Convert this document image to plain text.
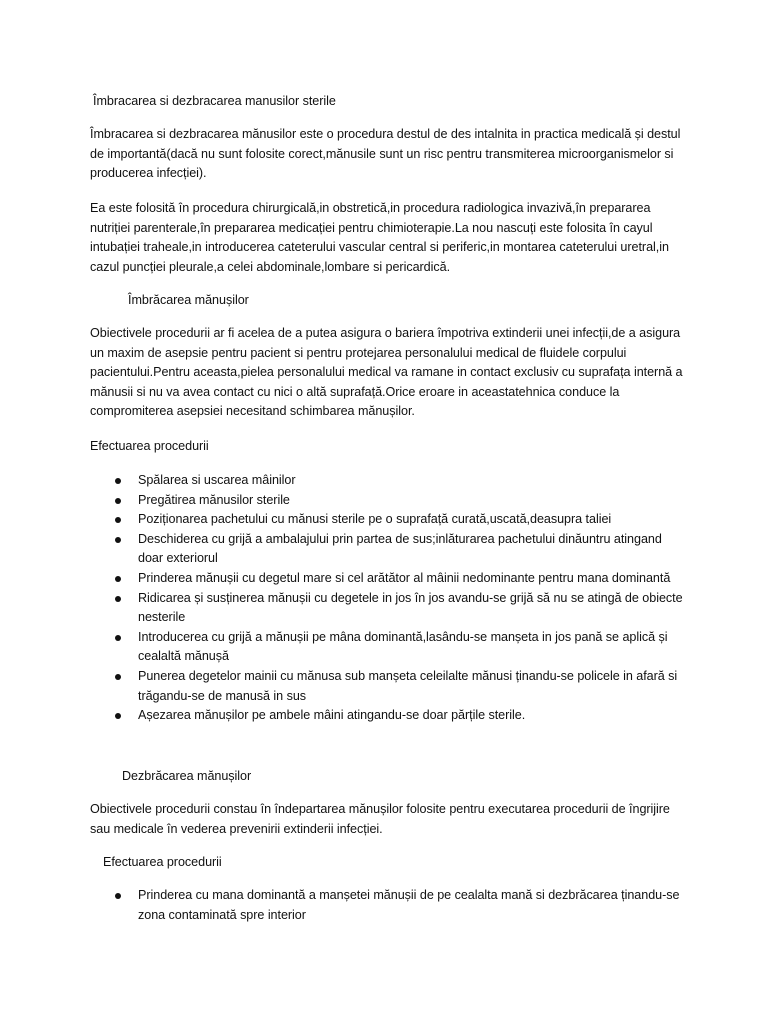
Îmbracarea si dezbracarea manusilor sterile

Îmbracarea si dezbracarea mănusilor este o procedura destul de des intalnita in practica medicală și destul de importantă(dacă nu sunt folosite corect,mănusile sunt un risc pentru transmiterea microorganismelor si producerea infecției).

Ea este folosită în procedura chirurgicală,in obstretică,in procedura radiologica invazivă,în prepararea nutriției parenterale,în prepararea medicației pentru chimioterapie.La nou nascuți este folosita în cayul intubației traheale,in introducerea cateterului vascular central si periferic,in montarea cateterului uretral,in cazul puncției pleurale,a celei abdominale,lombare si pericardică.

Îmbrăcarea mănușilor

Obiectivele procedurii ar fi acelea de a putea asigura o bariera împotriva extinderii unei infecții,de a asigura un maxim de asepsie pentru pacient si pentru protejarea personalului medical de fluidele corpului pacientului.Pentru aceasta,pielea personalului medical va ramane in contact exclusiv cu suprafața internă a mănusii si nu va avea contact cu nici o altă suprafață.Orice eroare in aceastatehnica conduce la compromiterea asepsiei necesitand schimbarea mănușilor.

Efectuarea procedurii

Spălarea si uscarea mâinilor
Pregătirea mănusilor sterile
Poziționarea pachetului cu mănusi sterile pe o suprafață curată,uscată,deasupra taliei
Deschiderea cu grijă a ambalajului prin partea de sus;inlăturarea pachetului dinăuntru atingand doar exteriorul
Prinderea mănușii cu degetul mare si cel arătător al mâinii nedominante pentru mana dominantă
Ridicarea și susținerea mănușii cu degetele in jos în jos avandu-se grijă să nu se atingă de obiecte nesterile
Introducerea cu grijă a mănușii pe mâna dominantă,lasându-se manșeta in jos pană se aplică și cealaltă mănușă
Punerea degetelor mainii cu mănusa sub manșeta celeilalte mănusi ținandu-se policele in afară si trăgandu-se de manusă in sus
Așezarea mănușilor pe ambele mâini atingandu-se doar părțile sterile.

Dezbrăcarea mănușilor

Obiectivele procedurii constau în îndepartarea mănușilor folosite pentru executarea procedurii de îngrijire sau medicale în vederea prevenirii extinderii infecției.

Efectuarea procedurii

Prinderea cu mana dominantă a manșetei mănușii de pe cealalta mană si dezbrăcarea ținandu-se zona contaminată spre interior
